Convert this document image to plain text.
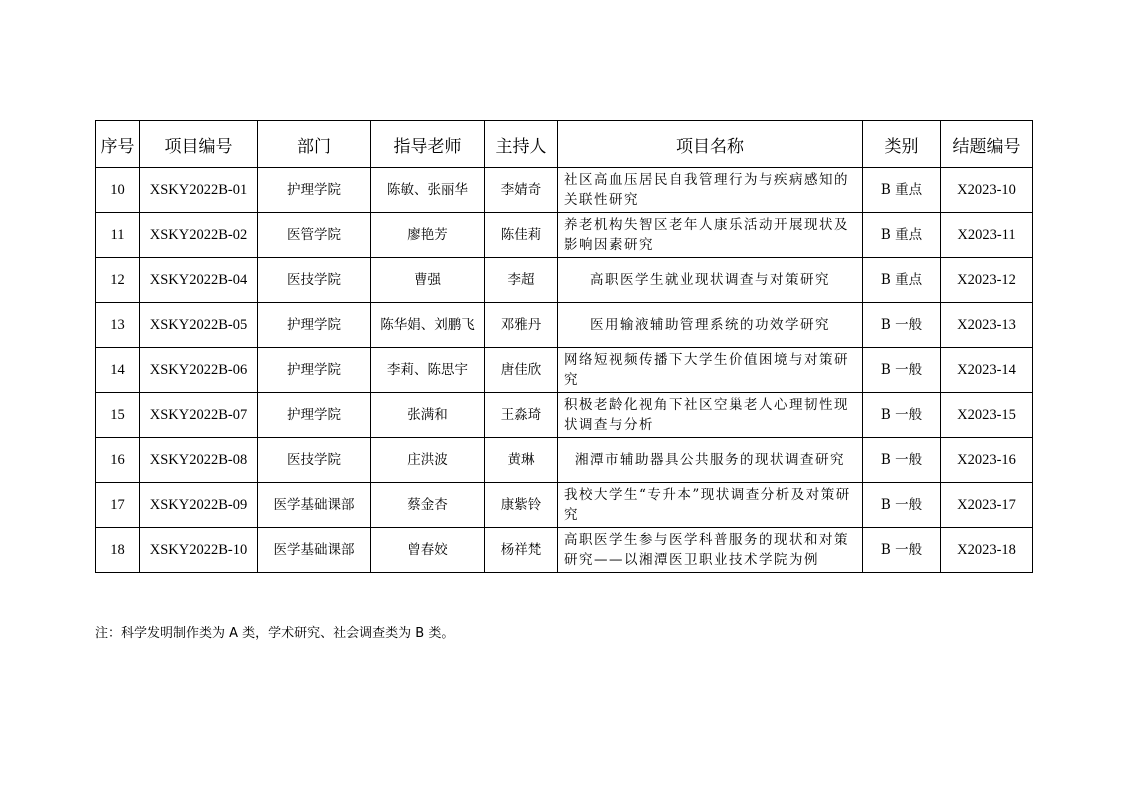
序号	项目编号	部门	指导老师	主持人	项目名称	类别	结题编号
10	XSKY2022B-01	护理学院	陈敏、张丽华	李婧奇	社区高血压居民自我管理行为与疾病感知的关联性研究	B 重点	X2023-10
11	XSKY2022B-02	医管学院	廖艳芳	陈佳莉	养老机构失智区老年人康乐活动开展现状及影响因素研究	B 重点	X2023-11
12	XSKY2022B-04	医技学院	曹强	李超	高职医学生就业现状调查与对策研究	B 重点	X2023-12
13	XSKY2022B-05	护理学院	陈华娟、刘鹏飞	邓雅丹	医用输液辅助管理系统的功效学研究	B 一般	X2023-13
14	XSKY2022B-06	护理学院	李莉、陈思宇	唐佳欣	网络短视频传播下大学生价值困境与对策研究	B 一般	X2023-14
15	XSKY2022B-07	护理学院	张满和	王淼琦	积极老龄化视角下社区空巢老人心理韧性现状调查与分析	B 一般	X2023-15
16	XSKY2022B-08	医技学院	庄洪波	黄琳	湘潭市辅助器具公共服务的现状调查研究	B 一般	X2023-16
17	XSKY2022B-09	医学基础课部	蔡金杏	康紫铃	我校大学生“专升本”现状调查分析及对策研究	B 一般	X2023-17
18	XSKY2022B-10	医学基础课部	曾春姣	杨祥梵	高职医学生参与医学科普服务的现状和对策研究——以湘潭医卫职业技术学院为例	B 一般	X2023-18
注：科学发明制作类为 A 类，学术研究、社会调查类为 B 类。
